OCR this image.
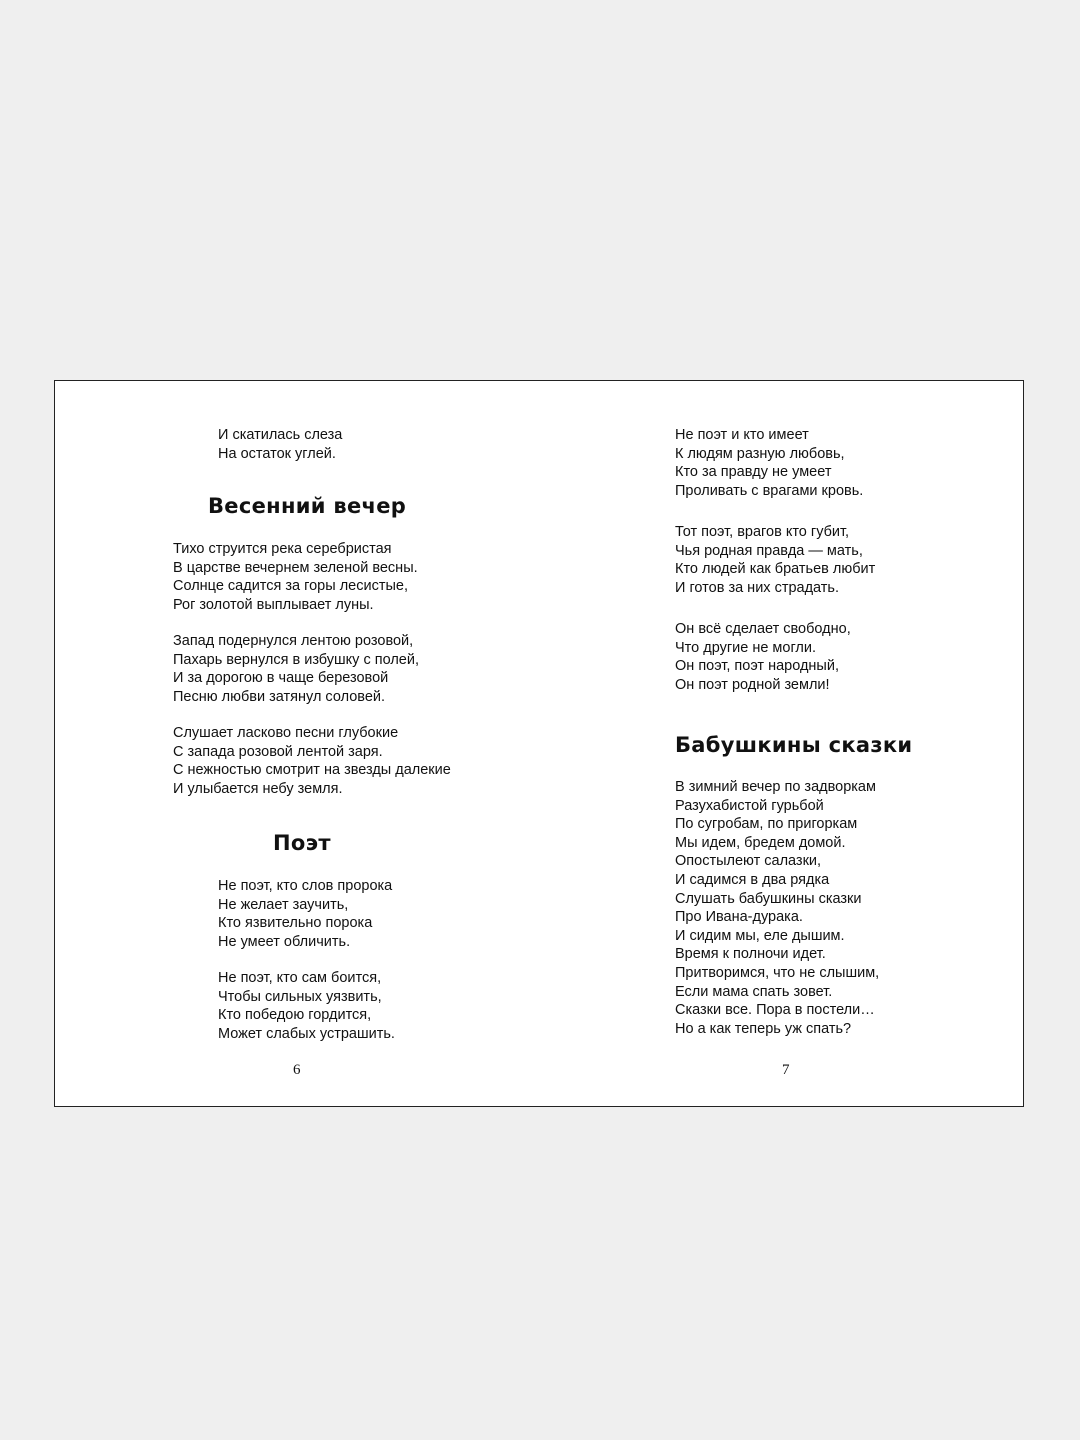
И скатилась слеза
На остаток углей.
Весенний вечер
Тихо струится река серебристая
В царстве вечернем зеленой весны.
Солнце садится за горы лесистые,
Рог золотой выплывает луны.
Запад подернулся лентою розовой,
Пахарь вернулся в избушку с полей,
И за дорогою в чаще березовой
Песню любви затянул соловей.
Слушает ласково песни глубокие
С запада розовой лентой заря.
С нежностью смотрит на звезды далекие
И улыбается небу земля.
Поэт
Не поэт, кто слов пророка
Не желает заучить,
Кто язвительно порока
Не умеет обличить.
Не поэт, кто сам боится,
Чтобы сильных уязвить,
Кто победою гордится,
Может слабых устрашить.
6
Не поэт и кто имеет
К людям разную любовь,
Кто за правду не умеет
Проливать с врагами кровь.
Тот поэт, врагов кто губит,
Чья родная правда — мать,
Кто людей как братьев любит
И готов за них страдать.
Он всё сделает свободно,
Что другие не могли.
Он поэт, поэт народный,
Он поэт родной земли!
Бабушкины сказки
В зимний вечер по задворкам
Разухабистой гурьбой
По сугробам, по пригоркам
Мы идем, бредем домой.
Опостылеют салазки,
И садимся в два рядка
Слушать бабушкины сказки
Про Ивана-дурака.
И сидим мы, еле дышим.
Время к полночи идет.
Притворимся, что не слышим,
Если мама спать зовет.
Сказки все. Пора в постели…
Но а как теперь уж спать?
7
